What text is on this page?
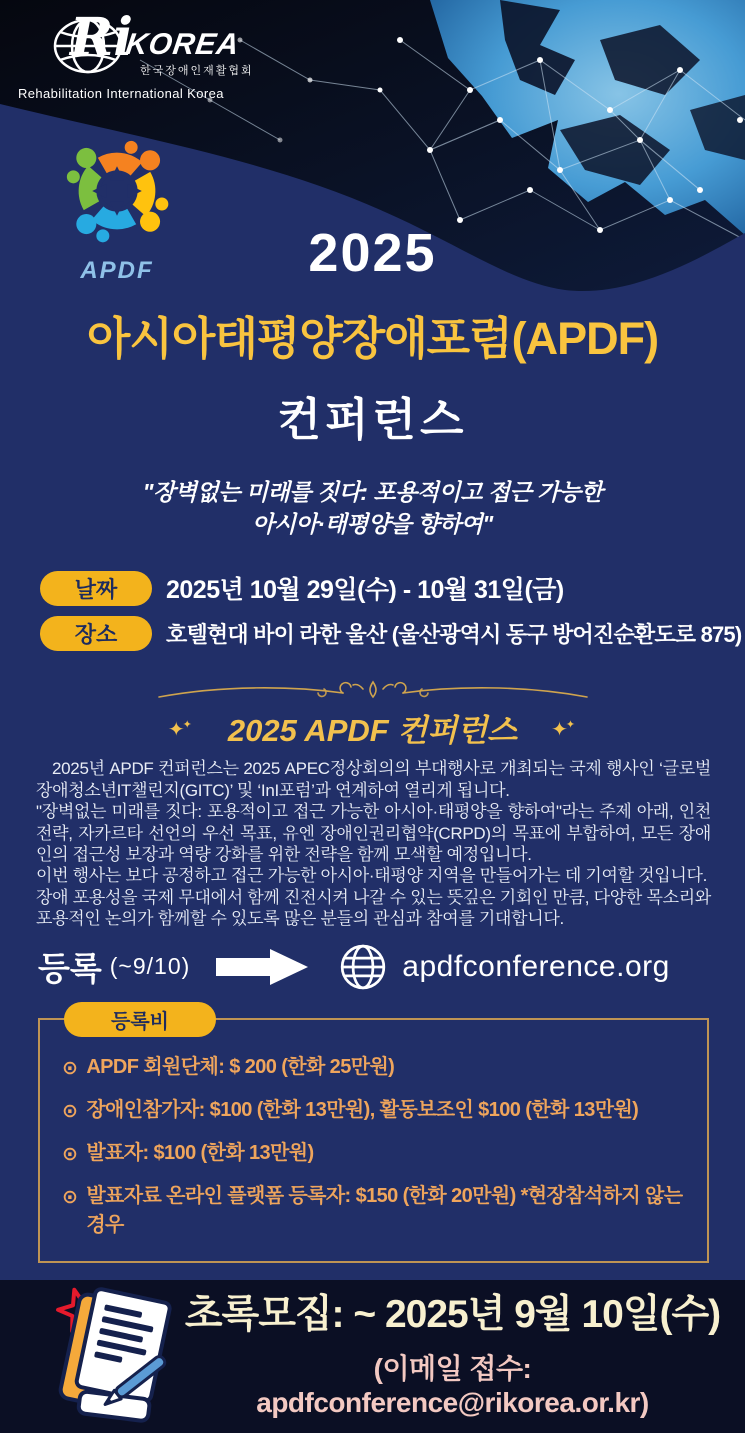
Ri
KOREA
한국장애인재활협회
Rehabilitation International Korea
APDF	2025
아시아태평양장애포럼(APDF)
컨퍼런스
"장벽없는 미래를 짓다: 포용적이고 접근 가능한
아시아·태평양을 향하여"
날짜	2025년 10월 29일(수) - 10월 31일(금)
장소	호텔현대 바이 라한 울산 (울산광역시 동구 방어진순환도로 875)
✦✦ 2025 APDF 컨퍼런스 ✦✦

2025년 APDF 컨퍼런스는 2025 APEC정상회의의 부대행사로 개최되는 국제 행사인 ‘글로벌장애청소년IT챌린지(GITC)’ 및 ‘InI포럼’과 연계하여 열리게 됩니다.

"장벽없는 미래를 짓다: 포용적이고 접근 가능한 아시아·태평양을 향하여"라는 주제 아래, 인천 전략, 자카르타 선언의 우선 목표, 유엔 장애인권리협약(CRPD)의 목표에 부합하여, 모든 장애인의 접근성 보장과 역량 강화를 위한 전략을 함께 모색할 예정입니다.

이번 행사는 보다 공정하고 접근 가능한 아시아·태평양 지역을 만들어가는 데 기여할 것입니다.

장애 포용성을 국제 무대에서 함께 진전시켜 나갈 수 있는 뜻깊은 기회인 만큼, 다양한 목소리와 포용적인 논의가 함께할 수 있도록 많은 분들의 관심과 참여를 기대합니다.

등록 (~9/10)	apdfconference.org
등록비
⊙ APDF 회원단체: $ 200 (한화 25만원)
⊙ 장애인참가자: $100 (한화 13만원), 활동보조인 $100 (한화 13만원)
⊙ 발표자: $100 (한화 13만원)
⊙ 발표자료 온라인 플랫폼 등록자: $150 (한화 20만원) *현장참석하지 않는 경우
초록모집: ~ 2025년 9월 10일(수)
(이메일 접수: apdfconference@rikorea.or.kr)
